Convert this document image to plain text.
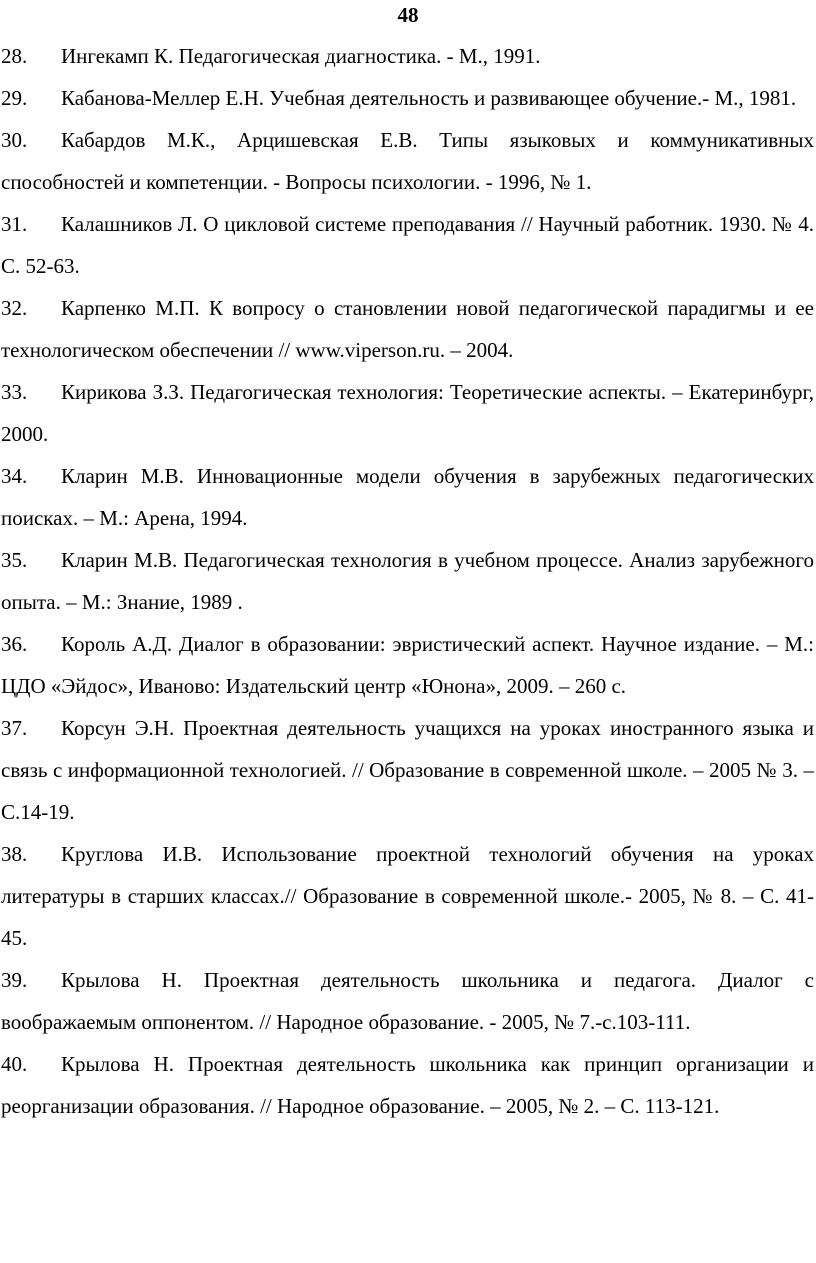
48
28. Ингекамп К. Педагогическая диагностика. - М., 1991.
29. Кабанова-Меллер Е.Н. Учебная деятельность и развивающее обучение.- М., 1981.
30. Кабардов М.К., Арцишевская Е.В. Типы языковых и коммуникативных способностей и компетенции. - Вопросы психологии. - 1996, № 1.
31. Калашников Л. О цикловой системе преподавания // Научный работник. 1930. № 4. С. 52-63.
32. Карпенко М.П. К вопросу о становлении новой педагогической парадигмы и ее технологическом обеспечении // www.viperson.ru. – 2004.
33. Кирикова З.З. Педагогическая технология: Теоретические аспекты. – Екатеринбург, 2000.
34. Кларин М.В. Инновационные модели обучения в зарубежных педагогических поисках. – М.: Арена, 1994.
35. Кларин М.В. Педагогическая технология в учебном процессе. Анализ зарубежного опыта. – М.: Знание, 1989 .
36. Король А.Д. Диалог в образовании: эвристический аспект. Научное издание. – М.: ЦДО «Эйдос», Иваново: Издательский центр «Юнона», 2009. – 260 с.
37. Корсун Э.Н. Проектная деятельность учащихся на уроках иностранного языка и связь с информационной технологией. // Образование в современной школе. – 2005 № 3. – С.14-19.
38. Круглова И.В. Использование проектной технологий обучения на уроках литературы в старших классах.// Образование в современной школе.- 2005, № 8. – С. 41-45.
39. Крылова Н. Проектная деятельность школьника и педагога. Диалог с воображаемым оппонентом. // Народное образование. - 2005, № 7.-с.103-111.
40. Крылова Н. Проектная деятельность школьника как принцип организации и реорганизации образования. // Народное образование. – 2005, № 2. – С. 113-121.
